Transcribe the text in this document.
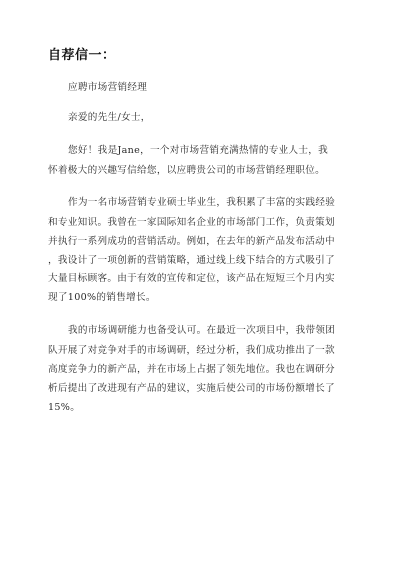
自荐信一：
应聘市场营销经理
亲爱的先生/女士，
您好！我是Jane，一个对市场营销充满热情的专业人士，我
怀着极大的兴趣写信给您，以应聘贵公司的市场营销经理职位。
作为一名市场营销专业硕士毕业生，我积累了丰富的实践经验
和专业知识。我曾在一家国际知名企业的市场部门工作，负责策划
并执行一系列成功的营销活动。例如，在去年的新产品发布活动中
，我设计了一项创新的营销策略，通过线上线下结合的方式吸引了
大量目标顾客。由于有效的宣传和定位，该产品在短短三个月内实
现了100%的销售增长。
我的市场调研能力也备受认可。在最近一次项目中，我带领团
队开展了对竞争对手的市场调研，经过分析，我们成功推出了一款
高度竞争力的新产品，并在市场上占据了领先地位。我也在调研分
析后提出了改进现有产品的建议，实施后使公司的市场份额增长了
15%。
